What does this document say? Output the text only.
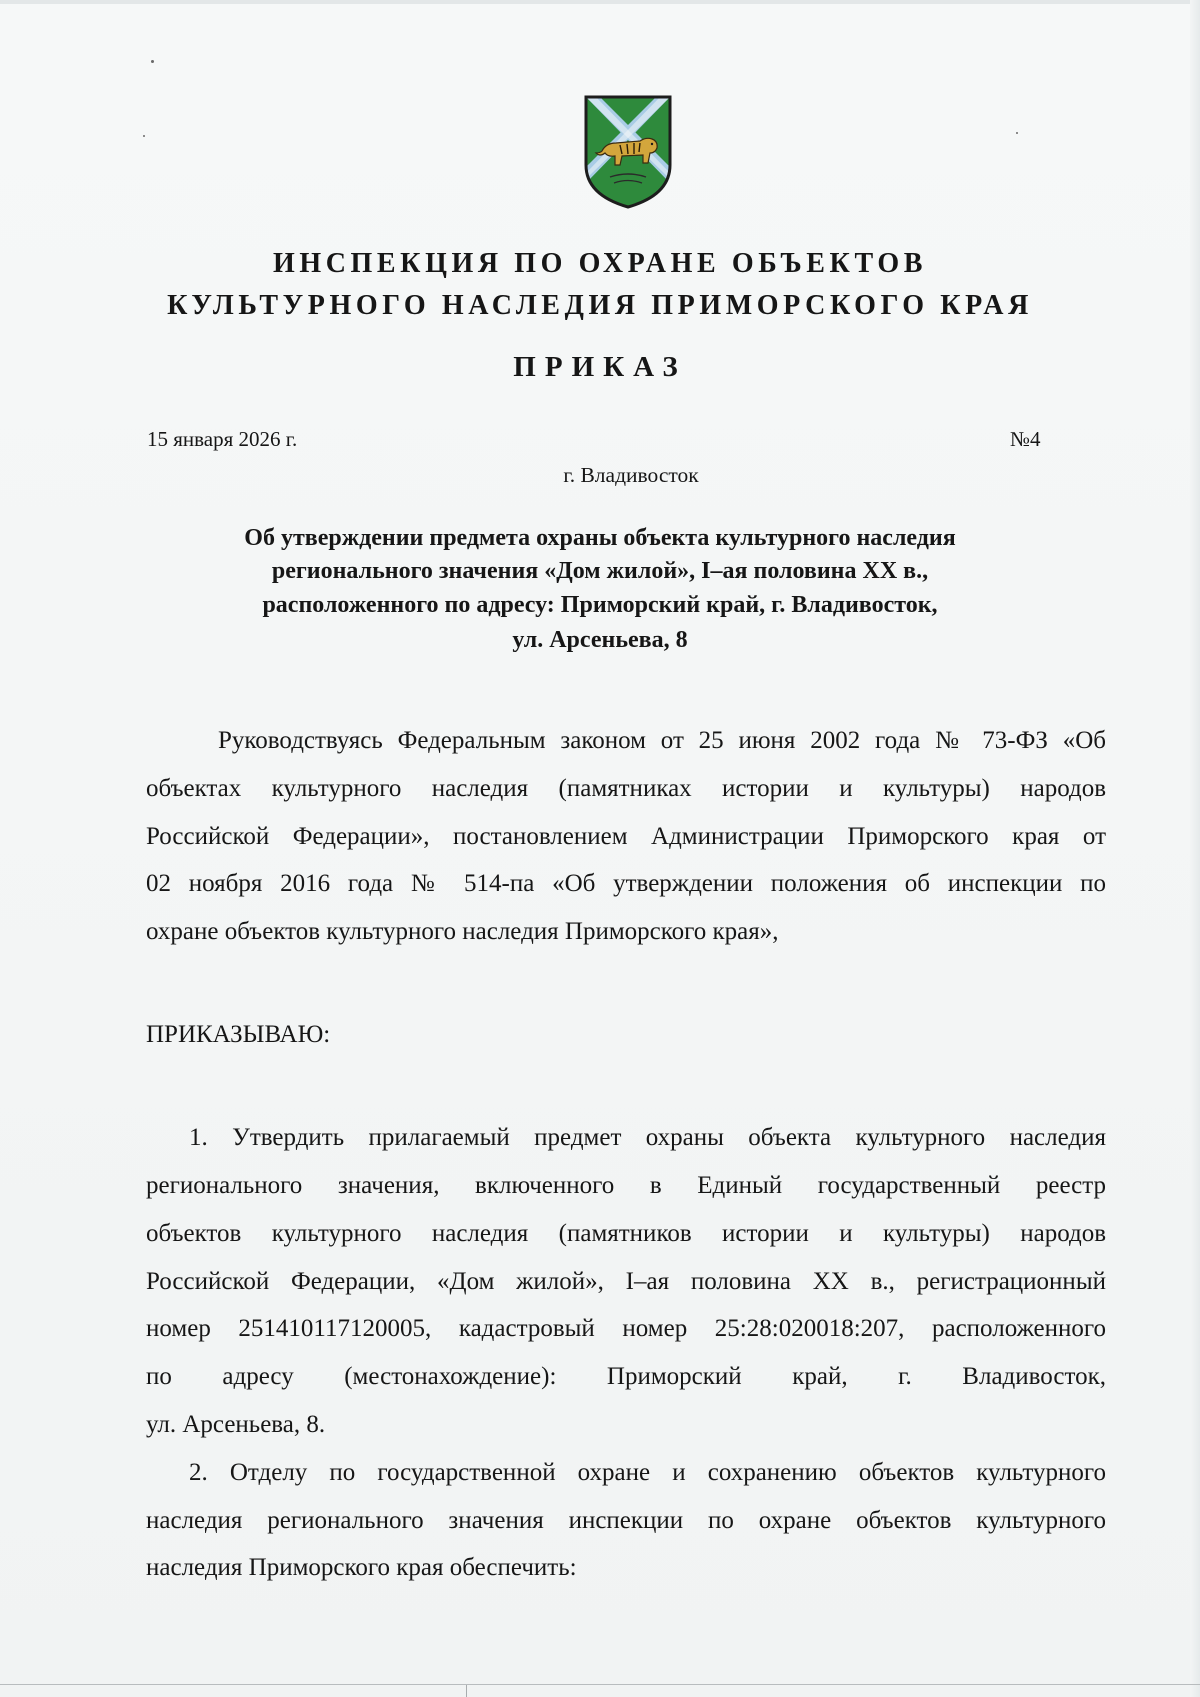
ИНСПЕКЦИЯ ПО ОХРАНЕ ОБЪЕКТОВ
КУЛЬТУРНОГО НАСЛЕДИЯ ПРИМОРСКОГО КРАЯ
ПРИКАЗ
15 января 2026 г.	№4
г. Владивосток
Об утверждении предмета охраны объекта культурного наследия
регионального значения «Дом жилой», I–ая половина XX в.,
расположенного по адресу: Приморский край, г. Владивосток,
ул. Арсеньева, 8
Руководствуясь Федеральным законом от 25 июня 2002 года № 73-ФЗ «Об
объектах культурного наследия (памятниках истории и культуры) народов
Российской Федерации», постановлением Администрации Приморского края от
02 ноября 2016 года № 514-па «Об утверждении положения об инспекции по
охране объектов культурного наследия Приморского края»,
ПРИКАЗЫВАЮ:
1. Утвердить прилагаемый предмет охраны объекта культурного наследия
регионального значения, включенного в Единый государственный реестр
объектов культурного наследия (памятников истории и культуры) народов
Российской Федерации, «Дом жилой», I–ая половина XX в., регистрационный
номер 251410117120005, кадастровый номер 25:28:020018:207, расположенного
по адресу (местонахождение): Приморский край, г. Владивосток,
ул. Арсеньева, 8.
2. Отделу по государственной охране и сохранению объектов культурного
наследия регионального значения инспекции по охране объектов культурного
наследия Приморского края обеспечить:
